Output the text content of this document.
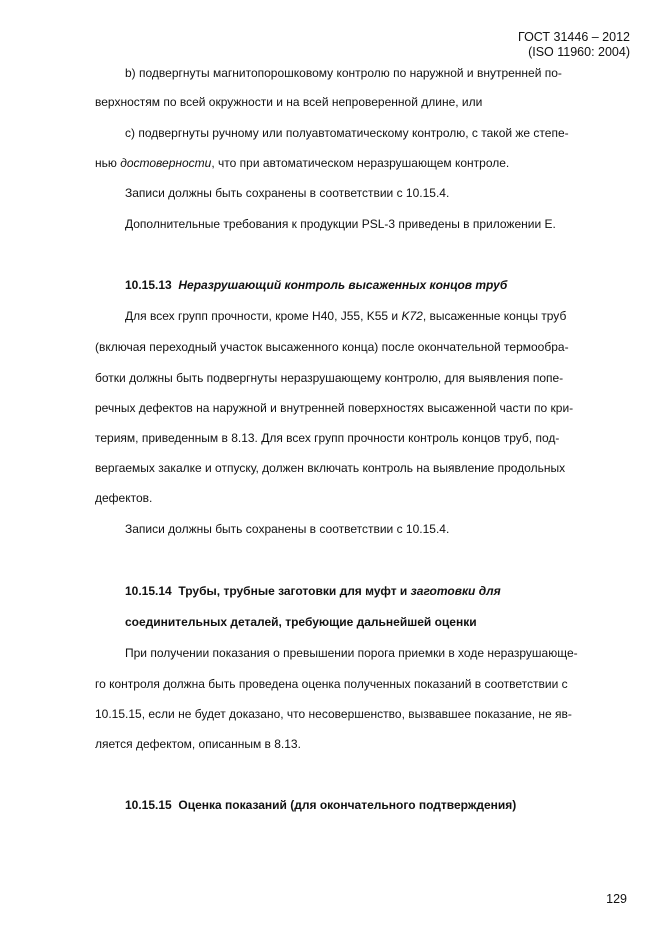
ГОСТ 31446 – 2012
(ISO 11960: 2004)
b) подвергнуты магнитопорошковому контролю по наружной и внутренней по-
верхностям по всей окружности и на всей непроверенной длине, или
c) подвергнуты ручному или полуавтоматическому контролю, с такой же степе-
нью достоверности, что при автоматическом неразрушающем контроле.
Записи должны быть сохранены в соответствии с 10.15.4.
Дополнительные требования к продукции PSL-3 приведены в приложении E.
10.15.13 Неразрушающий контроль высаженных концов труб
Для всех групп прочности, кроме H40, J55, K55 и K72, высаженные концы труб
(включая переходный участок высаженного конца) после окончательной термообра-
ботки должны быть подвергнуты неразрушающему контролю, для выявления попе-
речных дефектов на наружной и внутренней поверхностях высаженной части по кри-
териям, приведенным в 8.13. Для всех групп прочности контроль концов труб, под-
вергаемых закалке и отпуску, должен включать контроль на выявление продольных
дефектов.
Записи должны быть сохранены в соответствии с 10.15.4.
10.15.14 Трубы, трубные заготовки для муфт и заготовки для
соединительных деталей, требующие дальнейшей оценки
При получении показания о превышении порога приемки в ходе неразрушающе-
го контроля должна быть проведена оценка полученных показаний в соответствии с
10.15.15, если не будет доказано, что несовершенство, вызвавшее показание, не яв-
ляется дефектом, описанным в 8.13.
10.15.15 Оценка показаний (для окончательного подтверждения)
129
